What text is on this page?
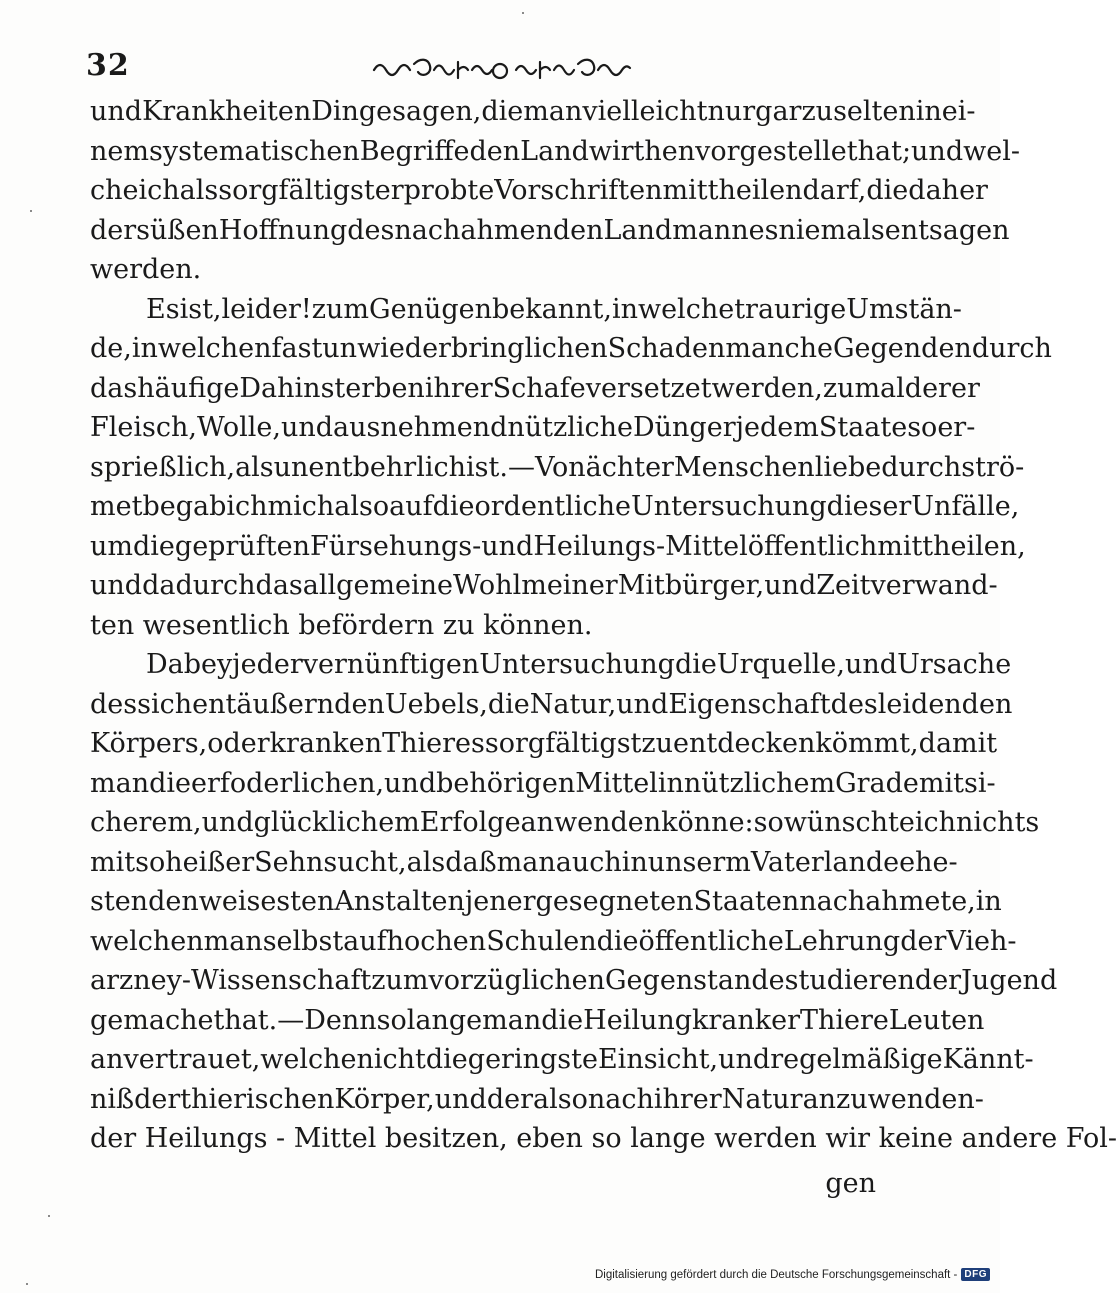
32
und Krankheiten Dinge sagen, die man vielleicht nur gar zu selten in ei-
nem systematischen Begriffe den Landwirthen vorgestellet hat; und wel-
che ich als sorgfältigst erprobte Vorschriften mittheilen darf, die daher
der süßen Hoffnung des nachahmenden Landmannes niemals entsagen
werden.
Es ist, leider! zum Genügen bekannt, in welche traurige Umstän-
de, in welchen fast unwiederbringlichen Schaden manche Gegenden durch
das häufige Dahinsterben ihrer Schafe versetzet werden, zumal derer
Fleisch, Wolle, und ausnehmend nützliche Dünger jedem Staate so er-
sprießlich, als unentbehrlich ist. — Von ächter Menschenliebe durchströ-
met begab ich mich also auf die ordentliche Untersuchung dieser Unfälle,
um die geprüften Fürsehungs - und Heilungs - Mittel öffentlich mittheilen,
und dadurch das allgemeine Wohl meiner Mitbürger, und Zeitverwand-
ten wesentlich befördern zu können.
Da bey jeder vernünftigen Untersuchung die Urquelle, und Ursache
des sich entäußernden Uebels, die Natur, und Eigenschaft des leidenden
Körpers, oder kranken Thieres sorgfältigst zu entdecken kömmt, damit
man die erfoderlichen, und behörigen Mittel in nützlichem Grade mit si-
cherem, und glücklichem Erfolge anwenden könne: so wünschte ich nichts
mit so heißer Sehnsucht, als daß man auch in unserm Vaterlande ehe-
sten den weisesten Anstalten jener gesegneten Staaten nachahmete, in
welchen man selbst auf hochen Schulen die öffentliche Lehrung der Vieh-
arzney - Wissenschaft zum vorzüglichen Gegenstande studierender Jugend
gemachet hat. — Denn so lange man die Heilung kranker Thiere Leuten
anvertrauet, welche nicht die geringste Einsicht, und regelmäßige Kännt-
niß der thierischen Körper, und der also nach ihrer Natur anzuwenden-
der Heilungs - Mittel besitzen, eben so lange werden wir keine andere Fol-
gen
Digitalisierung gefördert durch die Deutsche Forschungsgemeinschaft - DFG
